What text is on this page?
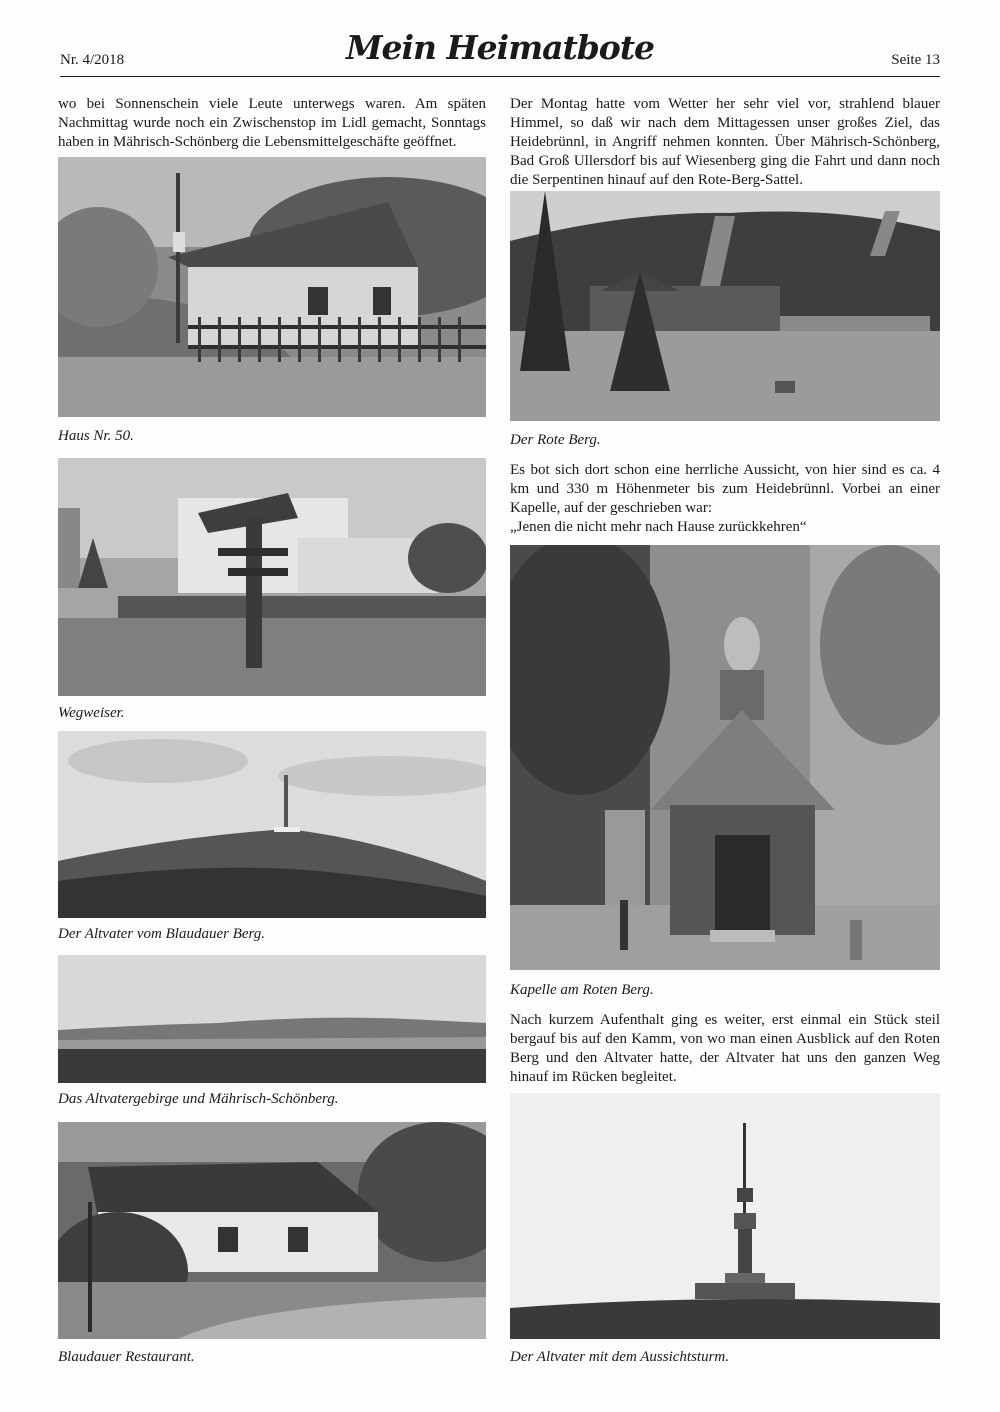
Nr. 4/2018	Mein Heimatbote	Seite 13
wo bei Sonnenschein viele Leute unterwegs waren. Am späten Nachmittag wurde noch ein Zwischenstop im Lidl gemacht, Sonntags haben in Mährisch-Schönberg die Lebensmittelgeschäfte geöffnet.
Haus Nr. 50.
Wegweiser.
Der Altvater vom Blaudauer Berg.
Das Altvatergebirge und Mährisch-Schönberg.
Blaudauer Restaurant.
Der Montag hatte vom Wetter her sehr viel vor, strahlend blauer Himmel, so daß wir nach dem Mittagessen unser großes Ziel, das Heidebrünnl, in Angriff nehmen konnten. Über Mährisch-Schönberg, Bad Groß Ullersdorf bis auf Wiesenberg ging die Fahrt und dann noch die Serpentinen hinauf auf den Rote-Berg-Sattel.
Der Rote Berg.
Es bot sich dort schon eine herrliche Aussicht, von hier sind es ca. 4 km und 330 m Höhenmeter bis zum Heidebrünnl. Vorbei an einer Kapelle, auf der geschrieben war:
„Jenen die nicht mehr nach Hause zurückkehren“
Kapelle am Roten Berg.
Nach kurzem Aufenthalt ging es weiter, erst einmal ein Stück steil bergauf bis auf den Kamm, von wo man einen Ausblick auf den Roten Berg und den Altvater hatte, der Altvater hat uns den ganzen Weg hinauf im Rücken begleitet.
Der Altvater mit dem Aussichtsturm.
